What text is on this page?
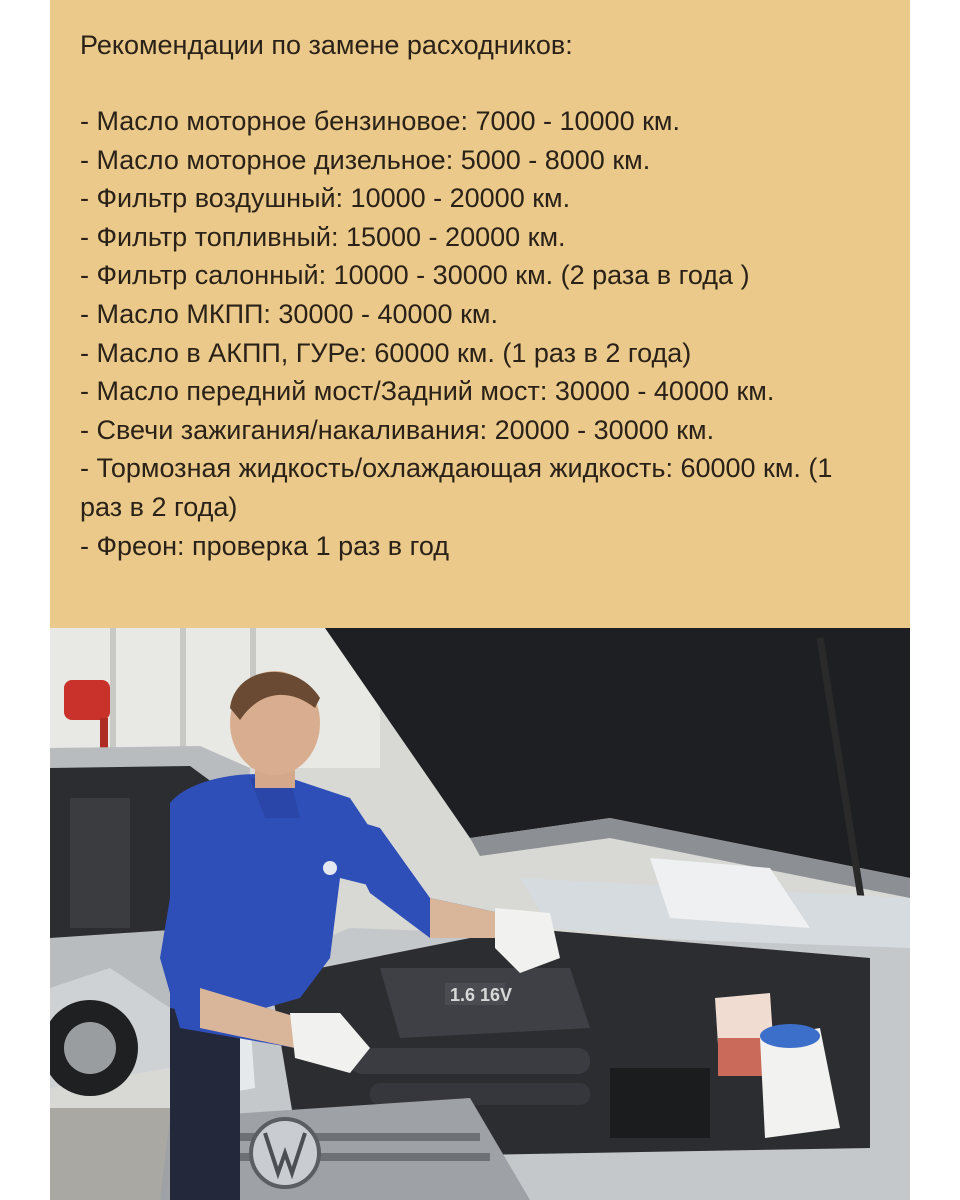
Рекомендации по замене расходников:

- Масло моторное бензиновое: 7000 - 10000 км.
- Масло моторное дизельное: 5000 - 8000 км.
- Фильтр воздушный: 10000 - 20000 км.
- Фильтр топливный: 15000 - 20000 км.
- Фильтр салонный: 10000 - 30000 км. (2 раза в года )
- Масло МКПП: 30000 - 40000 км.
- Масло в АКПП, ГУРе: 60000 км. (1 раз в 2 года)
- Масло передний мост/Задний мост: 30000 - 40000 км.
- Свечи зажигания/накаливания: 20000 - 30000 км.
- Тормозная жидкость/охлаждающая жидкость: 60000 км. (1 раз в 2 года)
- Фреон: проверка 1 раз в год
1.6 16V
